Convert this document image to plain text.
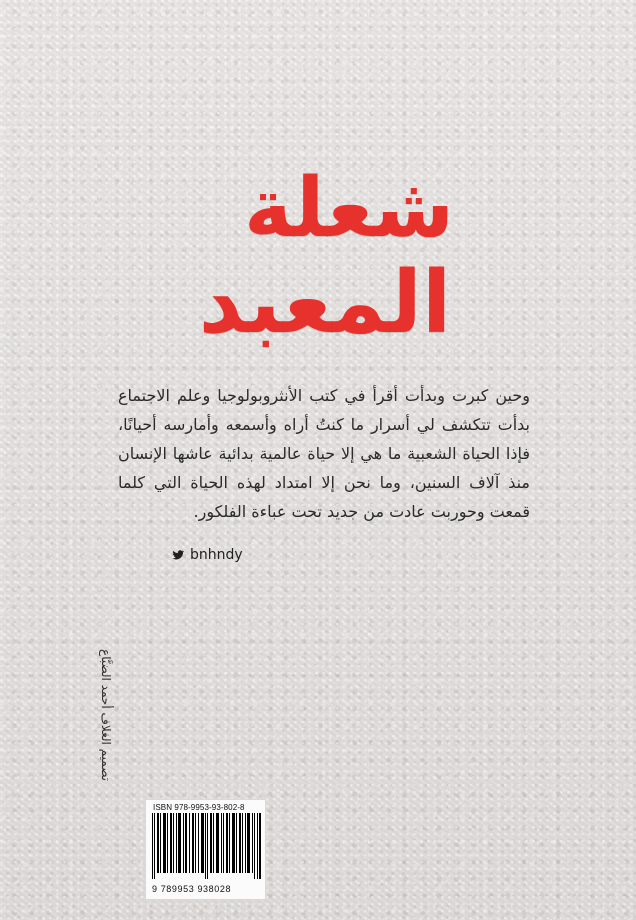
شعلة
المعبد
وحين كبرت وبدأت أقرأ في كتب الأنثروبولوجيا وعلم الاجتماع بدأت تتكشف لي أسرار ما كنتُ أراه وأسمعه وأمارسه أحيانًا، فإذا الحياة الشعبية ما هي إلا حياة عالمية بدائية عاشها الإنسان منذ آلاف السنين، وما نحن إلا امتداد لهذه الحياة التي كلما قمعت وحوربت عادت من جديد تحت عباءة الفلكور.
bnhndy
تصميم الغلاف أحمد الضبَّاع
ISBN 978-9953-93-802-8
9 789953 938028
